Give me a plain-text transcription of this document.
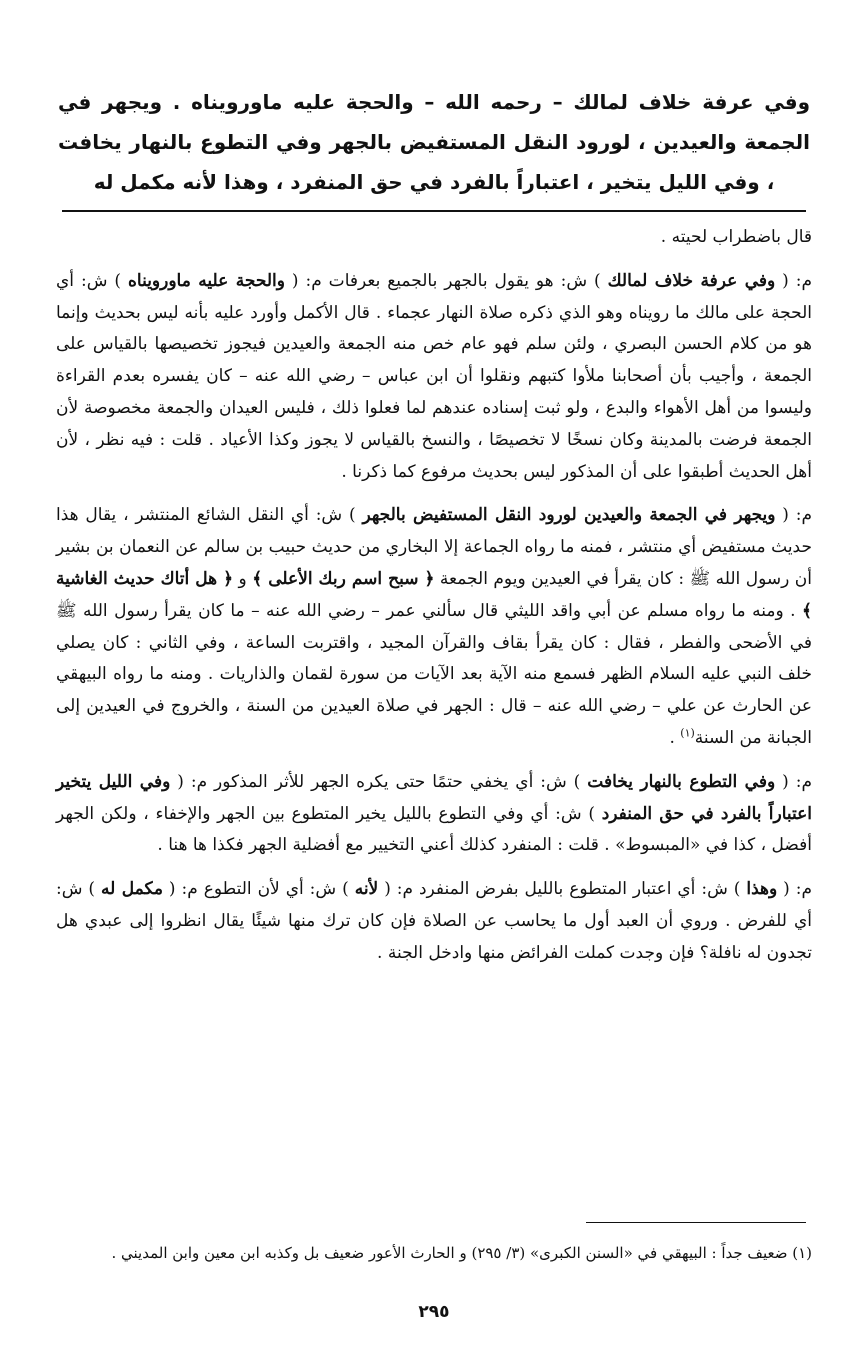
وفي عرفة خلاف لمالك – رحمه الله – والحجة عليه ماورويناه . ويجهر في الجمعة والعيدين ، لورود النقل المستفيض بالجهر وفي التطوع بالنهار يخافت ، وفي الليل يتخير ، اعتباراً بالفرد في حق المنفرد ، وهذا لأنه مكمل له

قال باضطراب لحيته .

م: ( وفي عرفة خلاف لمالك ) ش: هو يقول بالجهر بالجميع بعرفات م: ( والحجة عليه ماورويناه ) ش: أي الحجة على مالك ما رويناه وهو الذي ذكره صلاة النهار عجماء . قال الأكمل وأورد عليه بأنه ليس بحديث وإنما هو من كلام الحسن البصري ، ولئن سلم فهو عام خص منه الجمعة والعيدين فيجوز تخصيصها بالقياس على الجمعة ، وأجيب بأن أصحابنا ملأوا كتبهم ونقلوا أن ابن عباس – رضي الله عنه – كان يفسره بعدم القراءة وليسوا من أهل الأهواء والبدع ، ولو ثبت إسناده عندهم لما فعلوا ذلك ، فليس العيدان والجمعة مخصوصة لأن الجمعة فرضت بالمدينة وكان نسخًا لا تخصيصًا ، والنسخ بالقياس لا يجوز وكذا الأعياد . قلت : فيه نظر ، لأن أهل الحديث أطبقوا على أن المذكور ليس بحديث مرفوع كما ذكرنا .

م: ( ويجهر في الجمعة والعيدين لورود النقل المستفيض بالجهر ) ش: أي النقل الشائع المنتشر ، يقال هذا حديث مستفيض أي منتشر ، فمنه ما رواه الجماعة إلا البخاري من حديث حبيب بن سالم عن النعمان بن بشير أن رسول الله ﷺ : كان يقرأ في العيدين ويوم الجمعة ﴿ سبح اسم ربك الأعلى ﴾ و ﴿ هل أتاك حديث الغاشية ﴾ . ومنه ما رواه مسلم عن أبي واقد الليثي قال سألني عمر – رضي الله عنه – ما كان يقرأ رسول الله ﷺ في الأضحى والفطر ، فقال : كان يقرأ بقاف والقرآن المجيد ، واقتربت الساعة ، وفي الثاني : كان يصلي خلف النبي عليه السلام الظهر فسمع منه الآية بعد الآيات من سورة لقمان والذاريات . ومنه ما رواه البيهقي عن الحارث عن علي – رضي الله عنه – قال : الجهر في صلاة العيدين من السنة ، والخروج في العيدين إلى الجبانة من السنة$^{(١)}$ .

م: ( وفي التطوع بالنهار يخافت ) ش: أي يخفي حتمًا حتى يكره الجهر للأثر المذكور م: ( وفي الليل يتخير اعتباراً بالفرد في حق المنفرد ) ش: أي وفي التطوع بالليل يخير المتطوع بين الجهر والإخفاء ، ولكن الجهر أفضل ، كذا في «المبسوط» . قلت : المنفرد كذلك أعني التخيير مع أفضلية الجهر فكذا ها هنا .

م: ( وهذا ) ش: أي اعتبار المتطوع بالليل بفرض المنفرد م: ( لأنه ) ش: أي لأن التطوع م: ( مكمل له ) ش: أي للفرض . وروي أن العبد أول ما يحاسب عن الصلاة فإن كان ترك منها شيئًا يقال انظروا إلى عبدي هل تجدون له نافلة؟ فإن وجدت كملت الفرائض منها وادخل الجنة .

(١) ضعيف جداً : البيهقي في «السنن الكبرى» (٣/ ٢٩٥) و الحارث الأعور ضعيف بل وكذبه ابن معين وابن المديني .

٢٩٥
